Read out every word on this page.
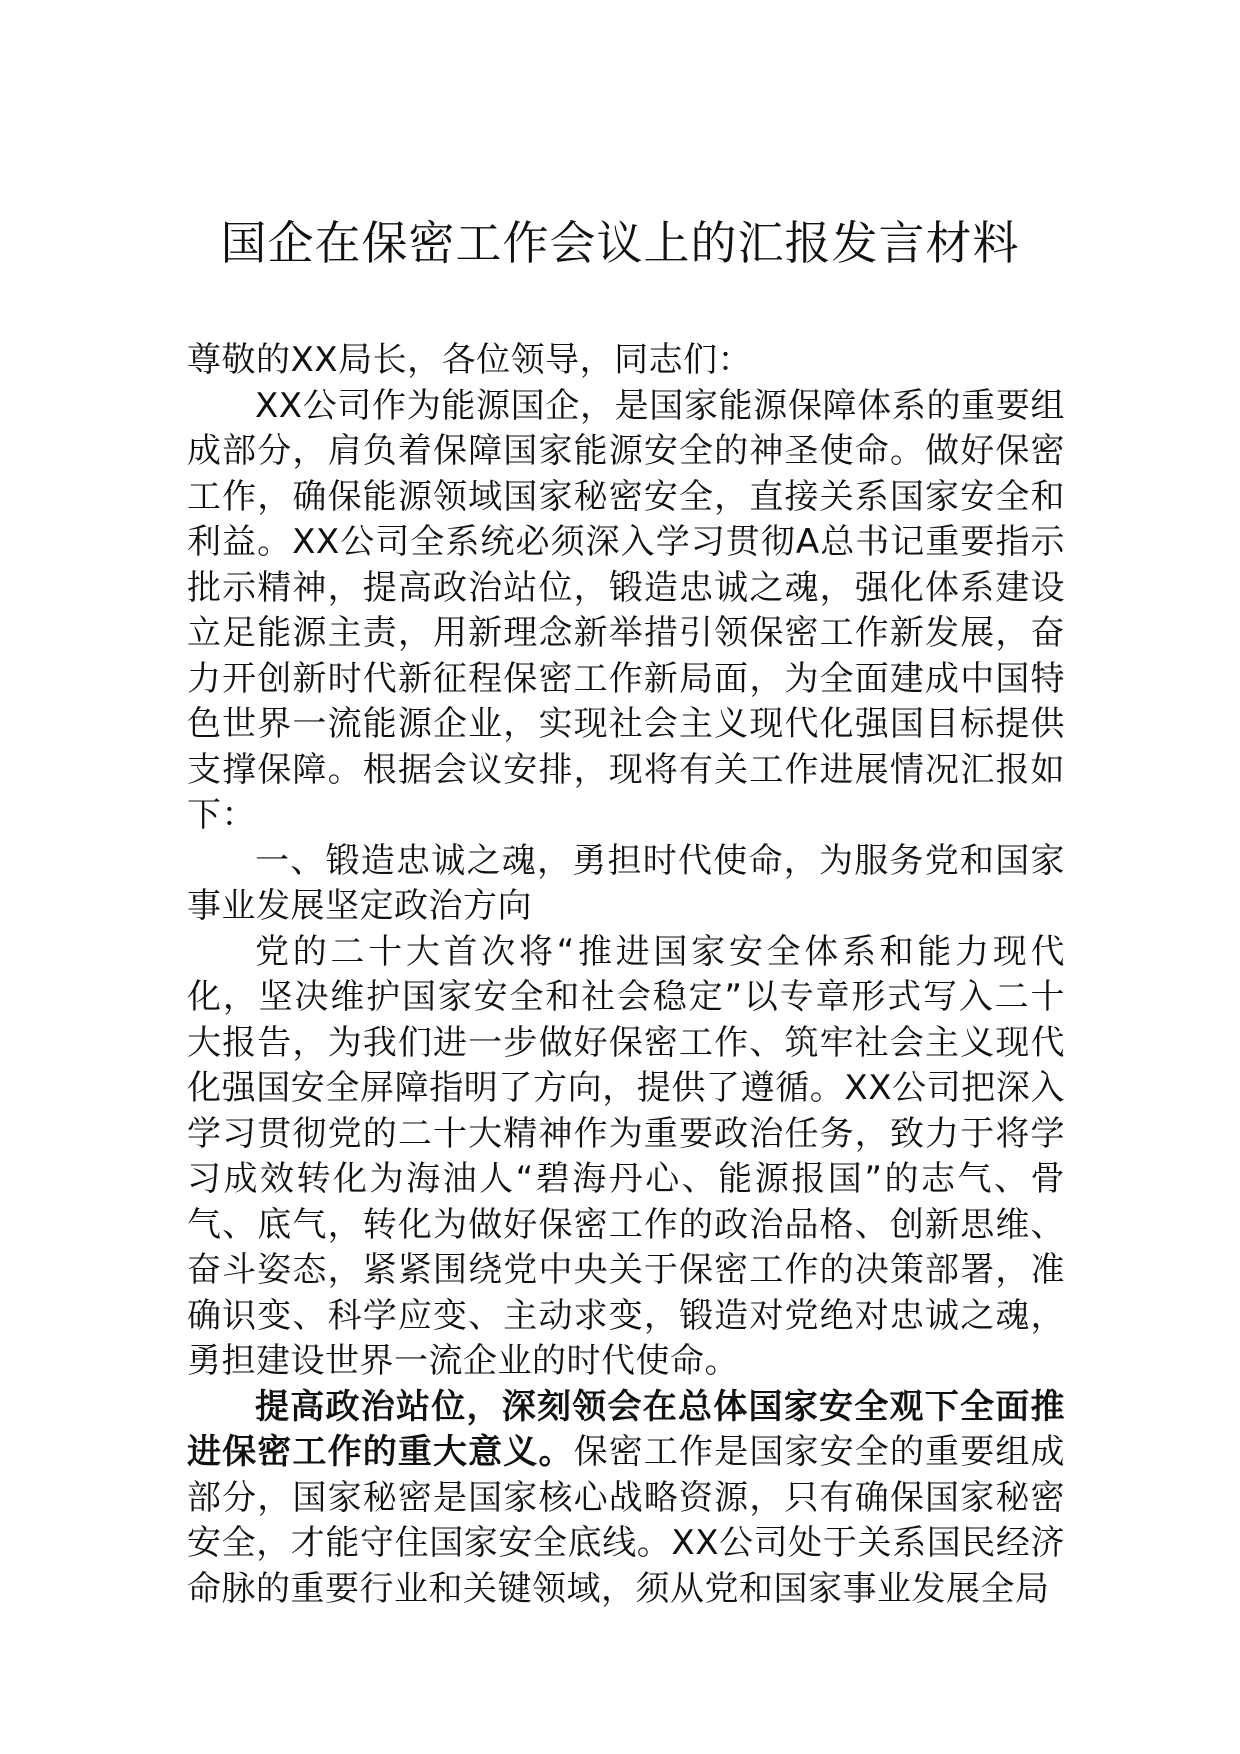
国企在保密工作会议上的汇报发言材料

尊敬的XX局长，各位领导，同志们：

XX公司作为能源国企，是国家能源保障体系的重要组成部分，肩负着保障国家能源安全的神圣使命。做好保密工作，确保能源领域国家秘密安全，直接关系国家安全和利益。XX公司全系统必须深入学习贯彻A总书记重要指示批示精神，提高政治站位，锻造忠诚之魂，强化体系建设立足能源主责，用新理念新举措引领保密工作新发展，奋力开创新时代新征程保密工作新局面，为全面建成中国特色世界一流能源企业，实现社会主义现代化强国目标提供支撑保障。根据会议安排，现将有关工作进展情况汇报如下：

一、锻造忠诚之魂，勇担时代使命，为服务党和国家事业发展坚定政治方向

党的二十大首次将“推进国家安全体系和能力现代化，坚决维护国家安全和社会稳定”以专章形式写入二十大报告，为我们进一步做好保密工作、筑牢社会主义现代化强国安全屏障指明了方向，提供了遵循。XX公司把深入学习贯彻党的二十大精神作为重要政治任务，致力于将学习成效转化为海油人“碧海丹心、能源报国”的志气、骨气、底气，转化为做好保密工作的政治品格、创新思维、奋斗姿态，紧紧围绕党中央关于保密工作的决策部署，准确识变、科学应变、主动求变，锻造对党绝对忠诚之魂，勇担建设世界一流企业的时代使命。

提高政治站位，深刻领会在总体国家安全观下全面推进保密工作的重大意义。保密工作是国家安全的重要组成部分，国家秘密是国家核心战略资源，只有确保国家秘密安全，才能守住国家安全底线。XX公司处于关系国民经济命脉的重要行业和关键领域，须从党和国家事业发展全局
